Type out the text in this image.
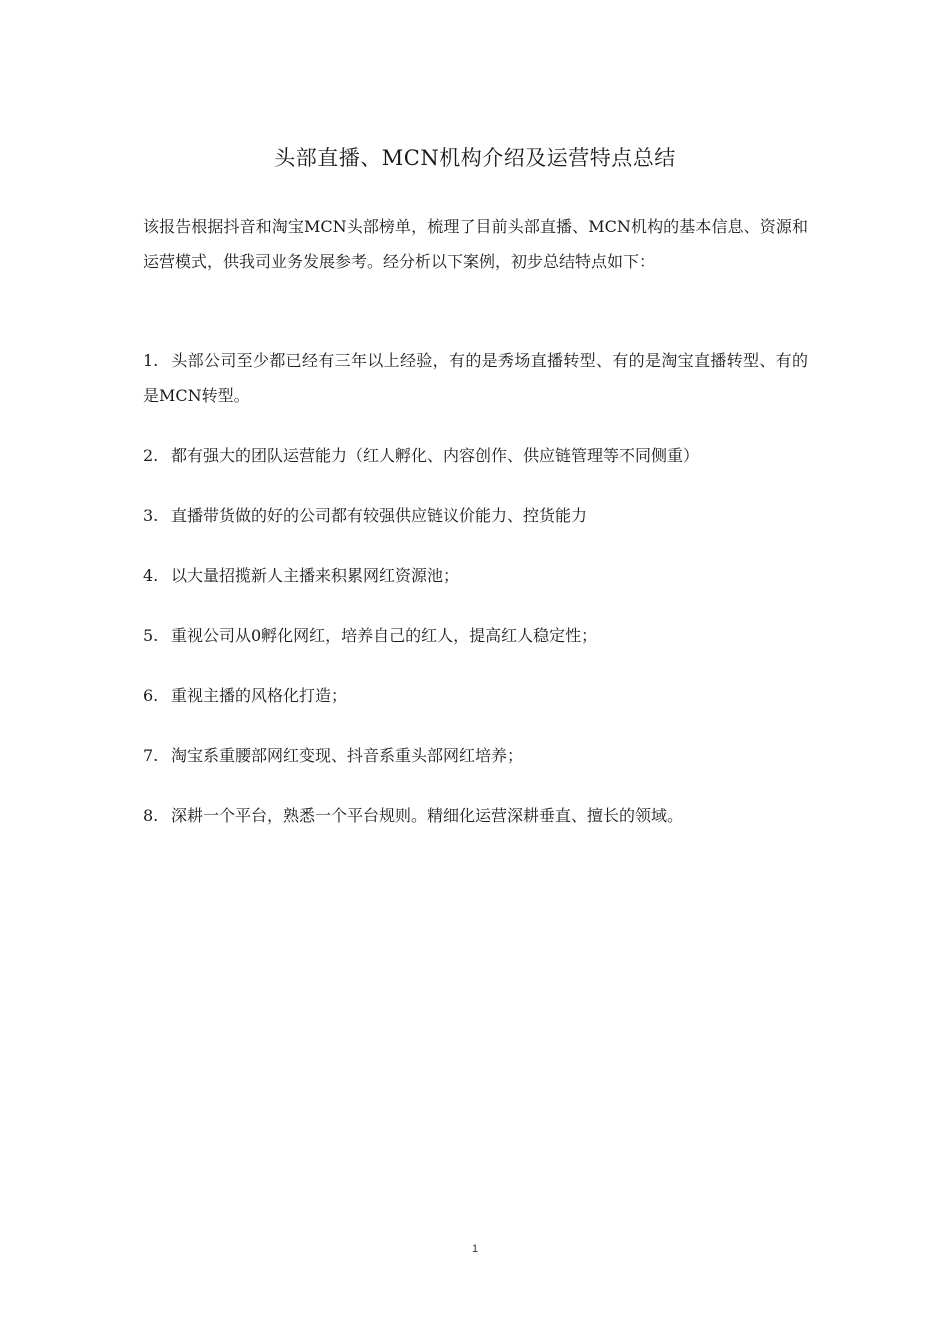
头部直播、MCN机构介绍及运营特点总结
该报告根据抖音和淘宝MCN头部榜单，梳理了目前头部直播、MCN机构的基本信息、资源和运营模式，供我司业务发展参考。经分析以下案例，初步总结特点如下：
1. 头部公司至少都已经有三年以上经验，有的是秀场直播转型、有的是淘宝直播转型、有的是MCN转型。
2. 都有强大的团队运营能力（红人孵化、内容创作、供应链管理等不同侧重）
3. 直播带货做的好的公司都有较强供应链议价能力、控货能力
4. 以大量招揽新人主播来积累网红资源池；
5. 重视公司从0孵化网红，培养自己的红人，提高红人稳定性；
6. 重视主播的风格化打造；
7. 淘宝系重腰部网红变现、抖音系重头部网红培养；
8. 深耕一个平台，熟悉一个平台规则。精细化运营深耕垂直、擅长的领域。
1
